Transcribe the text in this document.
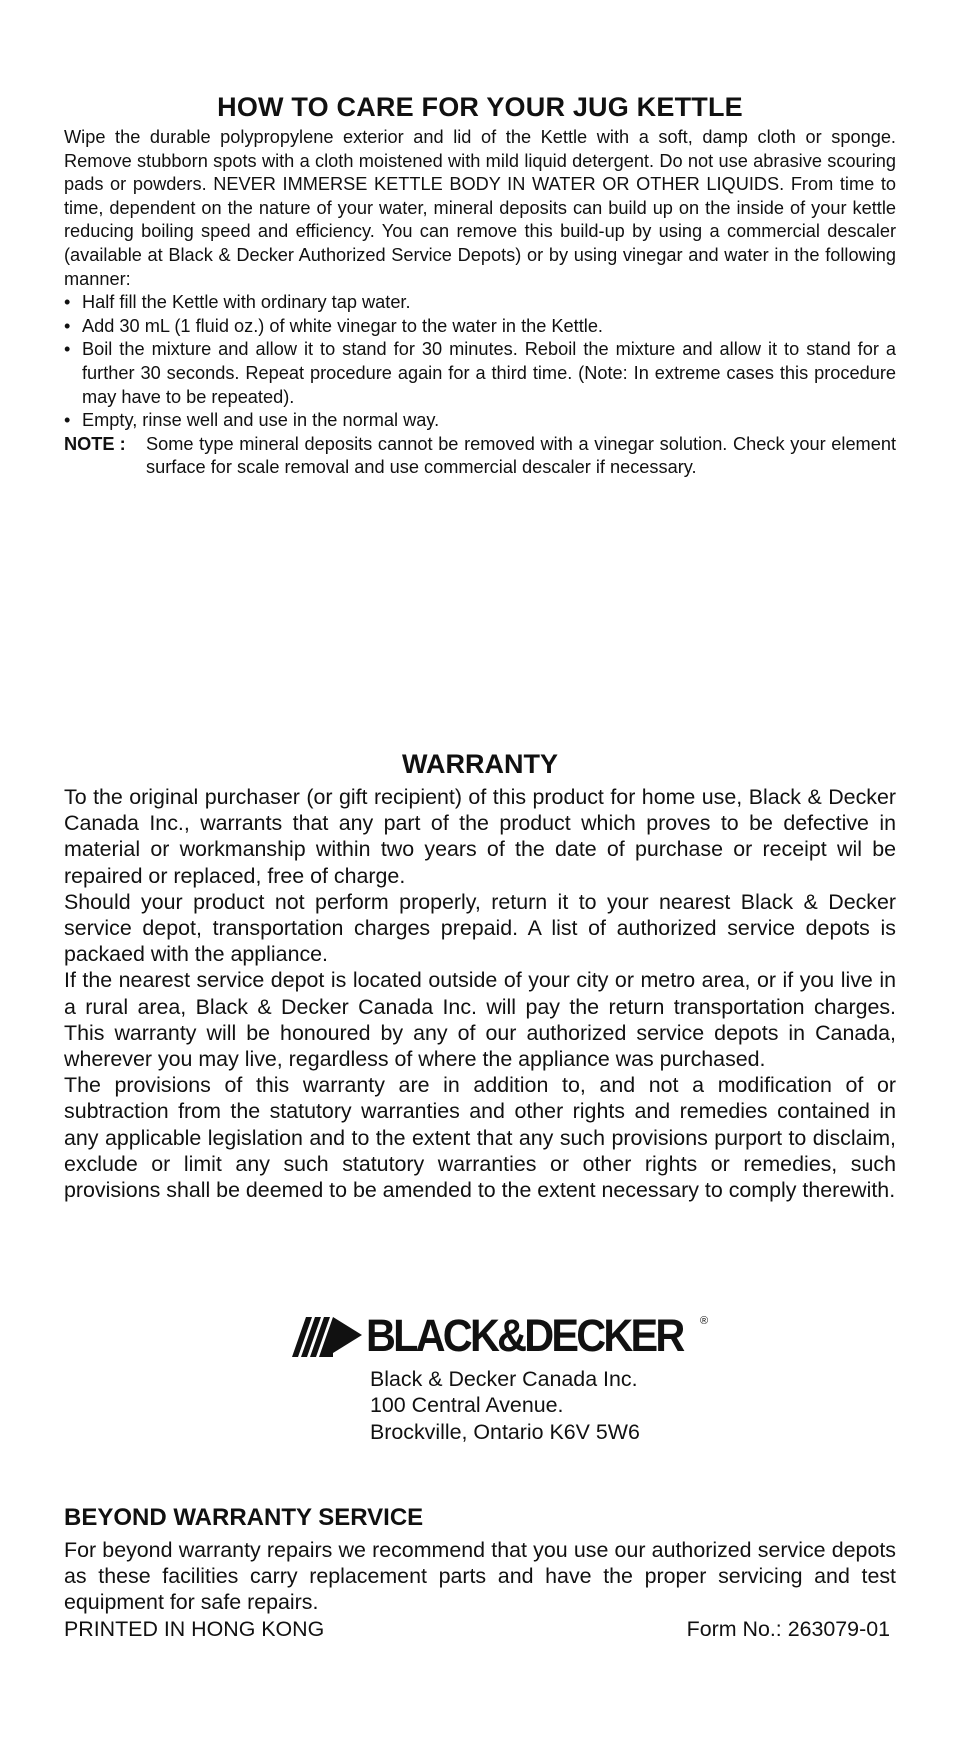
HOW TO CARE FOR YOUR JUG KETTLE

Wipe the durable polypropylene exterior and lid of the Kettle with a soft, damp cloth or sponge. Remove stubborn spots with a cloth moistened with mild liquid detergent. Do not use abrasive scouring pads or powders. NEVER IMMERSE KETTLE BODY IN WATER OR OTHER LIQUIDS. From time to time, dependent on the nature of your water, mineral deposits can build up on the inside of your kettle reducing boiling speed and efficiency. You can remove this build-up by using a commercial descaler (available at Black & Decker Authorized Service Depots) or by using vinegar and water in the following manner:

• Half fill the Kettle with ordinary tap water.
• Add 30 mL (1 fluid oz.) of white vinegar to the water in the Kettle.
• Boil the mixture and allow it to stand for 30 minutes. Reboil the mixture and allow it to stand for a further 30 seconds. Repeat procedure again for a third time. (Note: In extreme cases this procedure may have to be repeated).
• Empty, rinse well and use in the normal way.
NOTE :	Some type mineral deposits cannot be removed with a vinegar solution. Check your element surface for scale removal and use commercial descaler if necessary.
WARRANTY

To the original purchaser (or gift recipient) of this product for home use, Black & Decker Canada Inc., warrants that any part of the product which proves to be defective in material or workmanship within two years of the date of purchase or receipt wil be repaired or replaced, free of charge.

Should your product not perform properly, return it to your nearest Black & Decker service depot, transportation charges prepaid. A list of authorized service depots is packaed with the appliance.

If the nearest service depot is located outside of your city or metro area, or if you live in a rural area, Black & Decker Canada Inc. will pay the return transportation charges. This warranty will be honoured by any of our authorized service depots in Canada, wherever you may live, regardless of where the appliance was purchased.

The provisions of this warranty are in addition to, and not a modification of or subtraction from the statutory warranties and other rights and remedies contained in any applicable legislation and to the extent that any such provisions purport to disclaim, exclude or limit any such statutory warranties or other rights or remedies, such provisions shall be deemed to be amended to the extent necessary to comply therewith.

BLACK&DECKER ®
Black & Decker Canada Inc.
100 Central Avenue.
Brockville, Ontario K6V 5W6
BEYOND WARRANTY SERVICE

For beyond warranty repairs we recommend that you use our authorized service depots as these facilities carry replacement parts and have the proper servicing and test equipment for safe repairs.

PRINTED IN HONG KONG	Form No.: 263079-01
